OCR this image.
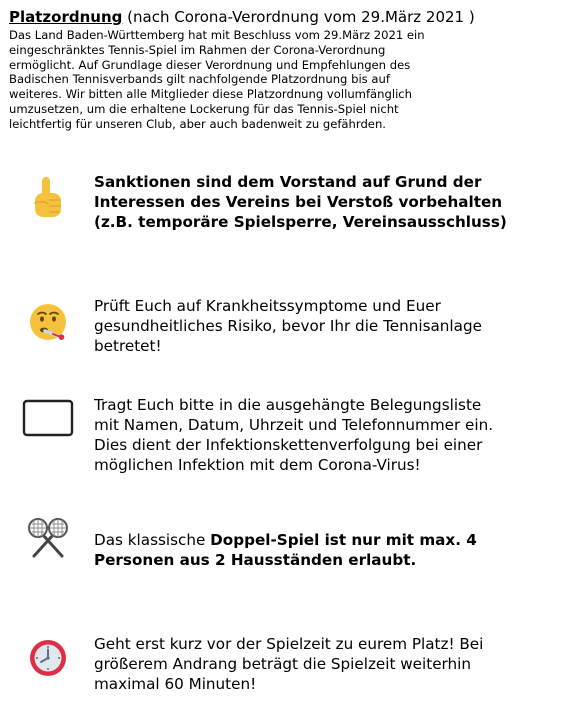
Platzordnung (nach Corona-Verordnung vom 29.März 2021 )
Das Land Baden-Württemberg hat mit Beschluss vom 29.März 2021 ein
eingeschränktes Tennis-Spiel im Rahmen der Corona-Verordnung
ermöglicht. Auf Grundlage dieser Verordnung und Empfehlungen des
Badischen Tennisverbands gilt nachfolgende Platzordnung bis auf
weiteres. Wir bitten alle Mitglieder diese Platzordnung vollumfänglich
umzusetzen, um die erhaltene Lockerung für das Tennis-Spiel nicht
leichtfertig für unseren Club, aber auch badenweit zu gefährden.
Sanktionen sind dem Vorstand auf Grund der
Interessen des Vereins bei Verstoß vorbehalten
(z.B. temporäre Spielsperre, Vereinsausschluss)
Prüft Euch auf Krankheitssymptome und Euer
gesundheitliches Risiko, bevor Ihr die Tennisanlage
betretet!
Tragt Euch bitte in die ausgehängte Belegungsliste
mit Namen, Datum, Uhrzeit und Telefonnummer ein.
Dies dient der Infektionskettenverfolgung bei einer
möglichen Infektion mit dem Corona-Virus!
Das klassische Doppel-Spiel ist nur mit max. 4
Personen aus 2 Hausständen erlaubt.
Geht erst kurz vor der Spielzeit zu eurem Platz! Bei
größerem Andrang beträgt die Spielzeit weiterhin
maximal 60 Minuten!
